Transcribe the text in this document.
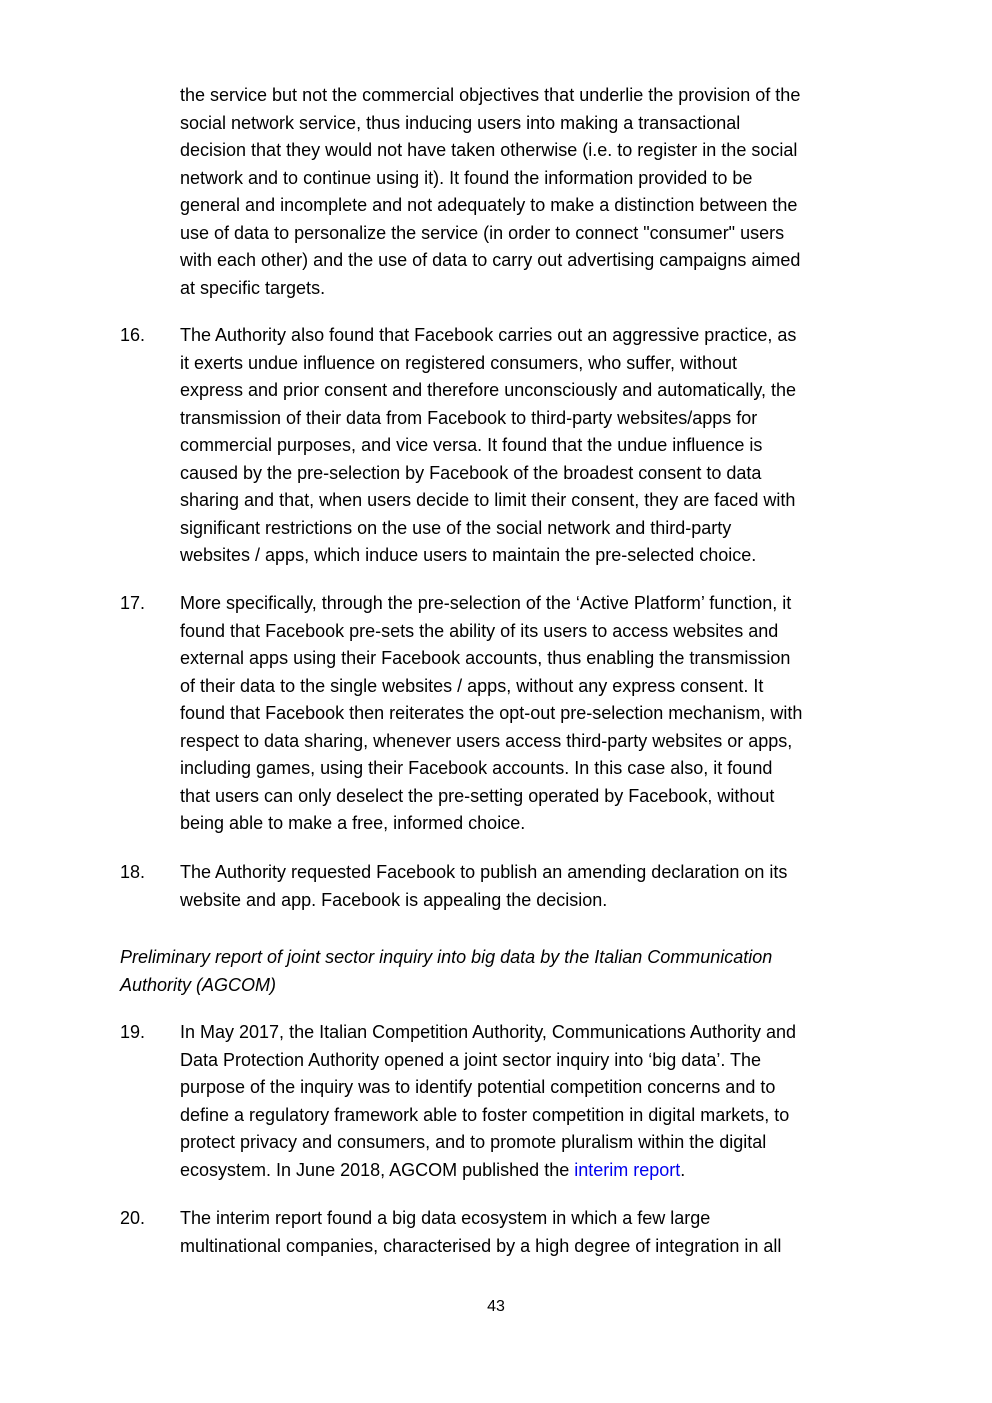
the service but not the commercial objectives that underlie the provision of the
social network service, thus inducing users into making a transactional
decision that they would not have taken otherwise (i.e. to register in the social
network and to continue using it). It found the information provided to be
general and incomplete and not adequately to make a distinction between the
use of data to personalize the service (in order to connect "consumer" users
with each other) and the use of data to carry out advertising campaigns aimed
at specific targets.
16. The Authority also found that Facebook carries out an aggressive practice, as
it exerts undue influence on registered consumers, who suffer, without
express and prior consent and therefore unconsciously and automatically, the
transmission of their data from Facebook to third-party websites/apps for
commercial purposes, and vice versa. It found that the undue influence is
caused by the pre-selection by Facebook of the broadest consent to data
sharing and that, when users decide to limit their consent, they are faced with
significant restrictions on the use of the social network and third-party
websites / apps, which induce users to maintain the pre-selected choice.
17. More specifically, through the pre-selection of the ‘Active Platform’ function, it
found that Facebook pre-sets the ability of its users to access websites and
external apps using their Facebook accounts, thus enabling the transmission
of their data to the single websites / apps, without any express consent. It
found that Facebook then reiterates the opt-out pre-selection mechanism, with
respect to data sharing, whenever users access third-party websites or apps,
including games, using their Facebook accounts. In this case also, it found
that users can only deselect the pre-setting operated by Facebook, without
being able to make a free, informed choice.
18. The Authority requested Facebook to publish an amending declaration on its
website and app. Facebook is appealing the decision.
Preliminary report of joint sector inquiry into big data by the Italian Communication
Authority (AGCOM)
19. In May 2017, the Italian Competition Authority, Communications Authority and
Data Protection Authority opened a joint sector inquiry into ‘big data’. The
purpose of the inquiry was to identify potential competition concerns and to
define a regulatory framework able to foster competition in digital markets, to
protect privacy and consumers, and to promote pluralism within the digital
ecosystem. In June 2018, AGCOM published the interim report.
20. The interim report found a big data ecosystem in which a few large
multinational companies, characterised by a high degree of integration in all
43
